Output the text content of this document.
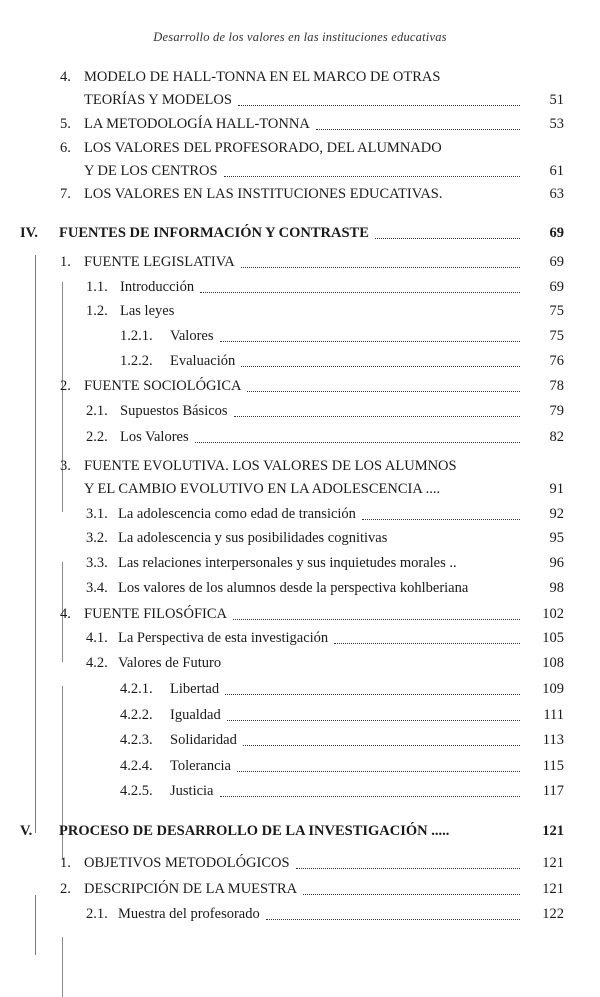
Desarrollo de los valores en las instituciones educativas
4. MODELO DE HALL-TONNA EN EL MARCO DE OTRAS
TEORÍAS Y MODELOS	51
5. LA METODOLOGÍA HALL-TONNA	53
6. LOS VALORES DEL PROFESORADO, DEL ALUMNADO
Y DE LOS CENTROS	61
7. LOS VALORES EN LAS INSTITUCIONES EDUCATIVAS.	63
IV. FUENTES DE INFORMACIÓN Y CONTRASTE	69
1. FUENTE LEGISLATIVA	69
1.1. Introducción	69
1.2. Las leyes	75
1.2.1. Valores	75
1.2.2. Evaluación	76
2. FUENTE SOCIOLÓGICA	78
2.1. Supuestos Básicos	79
2.2. Los Valores	82
3. FUENTE EVOLUTIVA. LOS VALORES DE LOS ALUMNOS
Y EL CAMBIO EVOLUTIVO EN LA ADOLESCENCIA ....	91
3.1. La adolescencia como edad de transición	92
3.2. La adolescencia y sus posibilidades cognitivas	95
3.3. Las relaciones interpersonales y sus inquietudes morales ..	96
3.4. Los valores de los alumnos desde la perspectiva kohlberiana	98
4. FUENTE FILOSÓFICA	102
4.1. La Perspectiva de esta investigación	105
4.2. Valores de Futuro	108
4.2.1. Libertad	109
4.2.2. Igualdad	111
4.2.3. Solidaridad	113
4.2.4. Tolerancia	115
4.2.5. Justicia	117
V. PROCESO DE DESARROLLO DE LA INVESTIGACIÓN .....	121
1. OBJETIVOS METODOLÓGICOS	121
2. DESCRIPCIÓN DE LA MUESTRA	121
2.1. Muestra del profesorado	122
